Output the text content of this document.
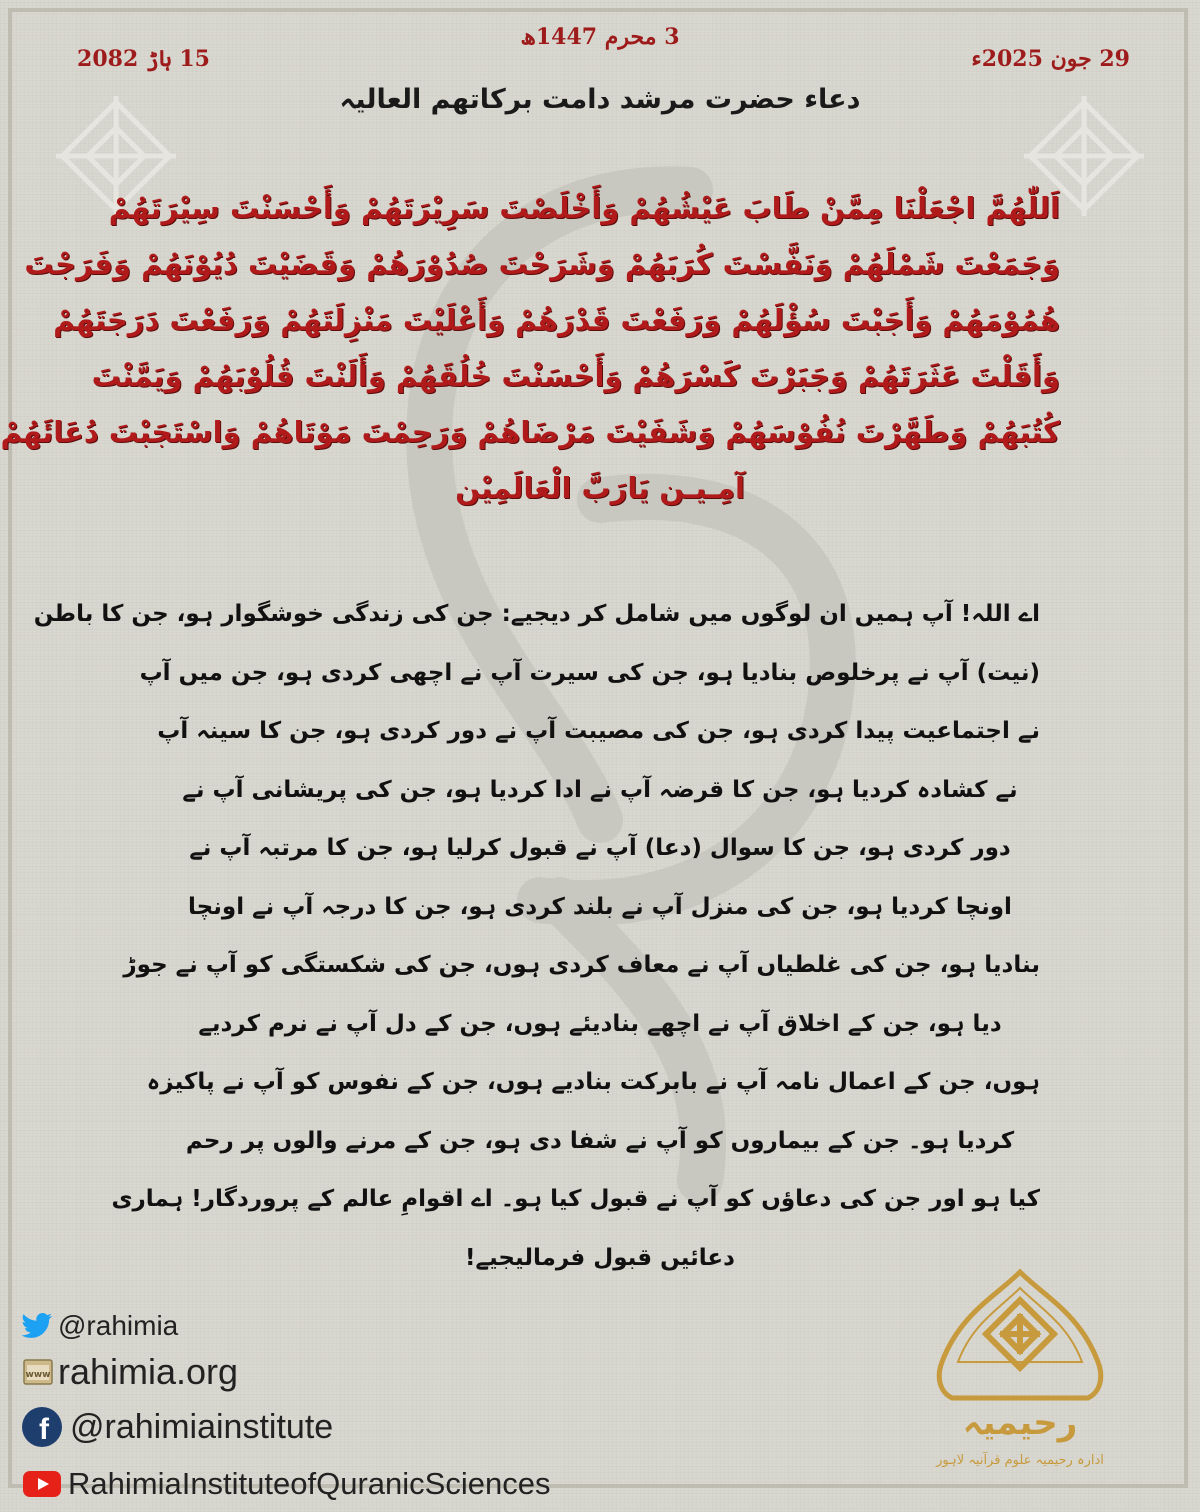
3 محرم 1447ھ
29 جون 2025ء
15 ہاڑ 2082
دعاء حضرت مرشد دامت برکاتھم العالیہ

اَللّٰهُمَّ اجْعَلْنَا مِمَّنْ طَابَ عَيْشُهُمْ وَأَخْلَصْتَ سَرِيْرَتَهُمْ وَأَحْسَنْتَ سِيْرَتَهُمْ

وَجَمَعْتَ شَمْلَهُمْ وَنَفَّسْتَ كُرَبَهُمْ وَشَرَحْتَ صُدُوْرَهُمْ وَقَضَيْتَ دُيُوْنَهُمْ وَفَرَجْتَ

هُمُوْمَهُمْ وَأَجَبْتَ سُؤْلَهُمْ وَرَفَعْتَ قَدْرَهُمْ وَأَعْلَيْتَ مَنْزِلَتَهُمْ وَرَفَعْتَ دَرَجَتَهُمْ

وَأَقَلْتَ عَثَرَتَهُمْ وَجَبَرْتَ كَسْرَهُمْ وَأَحْسَنْتَ خُلُقَهُمْ وَأَلَنْتَ قُلُوْبَهُمْ وَيَمَّنْتَ

كُتُبَهُمْ وَطَهَّرْتَ نُفُوْسَهُمْ وَشَفَيْتَ مَرْضَاهُمْ وَرَحِمْتَ مَوْتَاهُمْ وَاسْتَجَبْتَ دُعَائَهُمْ

آمِـيـن يَارَبَّ الْعَالَمِيْن

اے اللہ! آپ ہمیں ان لوگوں میں شامل کر دیجیے: جن کی زندگی خوشگوار ہو، جن کا باطن

(نیت) آپ نے پرخلوص بنادیا ہو، جن کی سیرت آپ نے اچھی کردی ہو، جن میں آپ

نے اجتماعیت پیدا کردی ہو، جن کی مصیبت آپ نے دور کردی ہو، جن کا سینہ آپ

نے کشادہ کردیا ہو، جن کا قرضہ آپ نے ادا کردیا ہو، جن کی پریشانی آپ نے

دور کردی ہو، جن کا سوال (دعا) آپ نے قبول کرلیا ہو، جن کا مرتبہ آپ نے

اونچا کردیا ہو، جن کی منزل آپ نے بلند کردی ہو، جن کا درجہ آپ نے اونچا

بنادیا ہو، جن کی غلطیاں آپ نے معاف کردی ہوں، جن کی شکستگی کو آپ نے جوڑ

دیا ہو، جن کے اخلاق آپ نے اچھے بنادیئے ہوں، جن کے دل آپ نے نرم کردیے

ہوں، جن کے اعمال نامہ آپ نے بابرکت بنادیے ہوں، جن کے نفوس کو آپ نے پاکیزہ

کردیا ہو۔ جن کے بیماروں کو آپ نے شفا دی ہو، جن کے مرنے والوں پر رحم

کیا ہو اور جن کی دعاؤں کو آپ نے قبول کیا ہو۔ اے اقوامِ عالم کے پروردگار! ہماری

دعائیں قبول فرمالیجیے!

@rahimia
www rahimia.org
f @rahimiainstitute
RahimiaInstituteofQuranicSciences
رحیمیہ
ادارہ رحیمیہ علوم قرآنیہ لاہور
